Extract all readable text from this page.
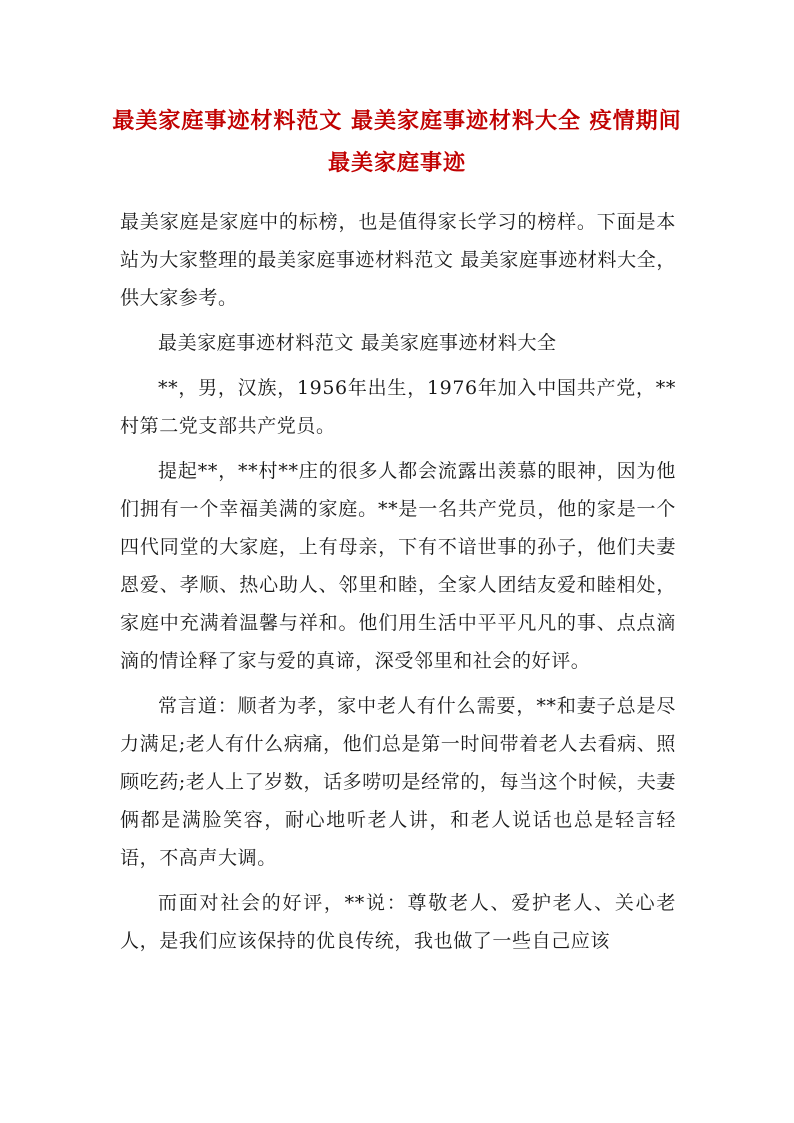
最美家庭事迹材料范文 最美家庭事迹材料大全 疫情期间最美家庭事迹

最美家庭是家庭中的标榜，也是值得家长学习的榜样。下面是本站为大家整理的最美家庭事迹材料范文 最美家庭事迹材料大全，供大家参考。

最美家庭事迹材料范文 最美家庭事迹材料大全

**，男，汉族，1956年出生，1976年加入中国共产党，**村第二党支部共产党员。

提起**，**村**庄的很多人都会流露出羡慕的眼神，因为他们拥有一个幸福美满的家庭。**是一名共产党员，他的家是一个四代同堂的大家庭，上有母亲，下有不谙世事的孙子，他们夫妻恩爱、孝顺、热心助人、邻里和睦，全家人团结友爱和睦相处，家庭中充满着温馨与祥和。他们用生活中平平凡凡的事、点点滴滴的情诠释了家与爱的真谛，深受邻里和社会的好评。

常言道：顺者为孝，家中老人有什么需要，**和妻子总是尽力满足;老人有什么病痛，他们总是第一时间带着老人去看病、照顾吃药;老人上了岁数，话多唠叨是经常的，每当这个时候，夫妻俩都是满脸笑容，耐心地听老人讲，和老人说话也总是轻言轻语，不高声大调。

而面对社会的好评，**说：尊敬老人、爱护老人、关心老人，是我们应该保持的优良传统，我也做了一些自己应该
